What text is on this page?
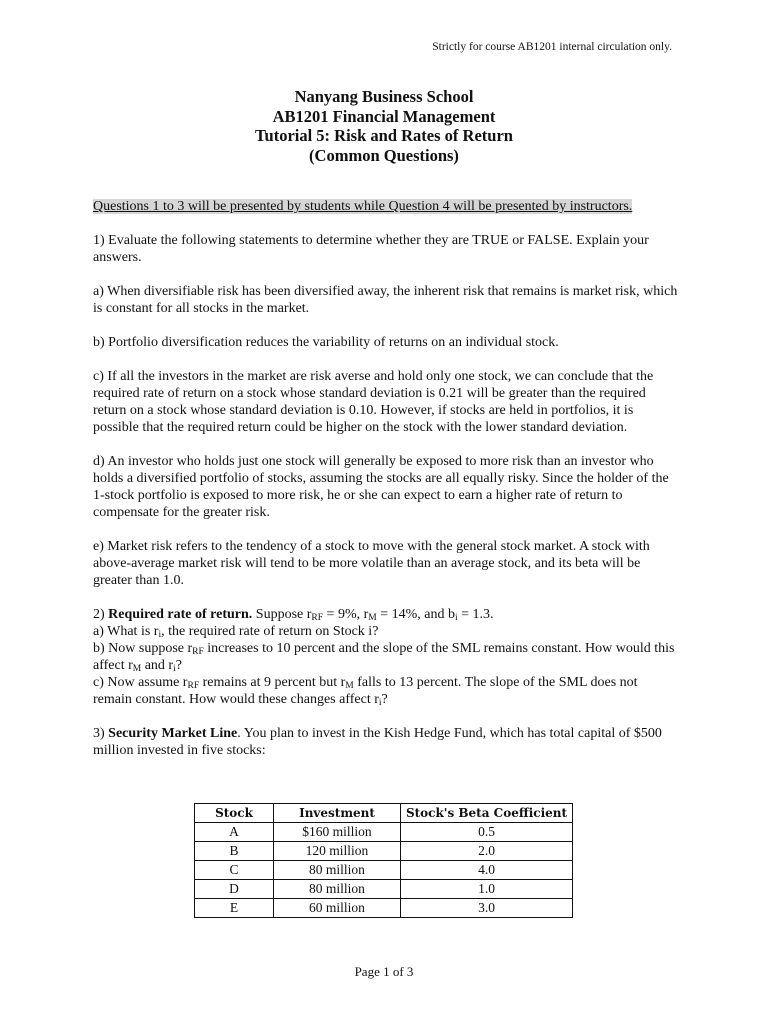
Strictly for course AB1201 internal circulation only.
Nanyang Business School
AB1201 Financial Management
Tutorial 5: Risk and Rates of Return
(Common Questions)

Questions 1 to 3 will be presented by students while Question 4 will be presented by instructors.

1) Evaluate the following statements to determine whether they are TRUE or FALSE. Explain your answers.

a) When diversifiable risk has been diversified away, the inherent risk that remains is market risk, which is constant for all stocks in the market.

b) Portfolio diversification reduces the variability of returns on an individual stock.

c) If all the investors in the market are risk averse and hold only one stock, we can conclude that the required rate of return on a stock whose standard deviation is 0.21 will be greater than the required return on a stock whose standard deviation is 0.10. However, if stocks are held in portfolios, it is possible that the required return could be higher on the stock with the lower standard deviation.

d) An investor who holds just one stock will generally be exposed to more risk than an investor who holds a diversified portfolio of stocks, assuming the stocks are all equally risky. Since the holder of the 1-stock portfolio is exposed to more risk, he or she can expect to earn a higher rate of return to compensate for the greater risk.

e) Market risk refers to the tendency of a stock to move with the general stock market. A stock with above-average market risk will tend to be more volatile than an average stock, and its beta will be greater than 1.0.

2) Required rate of return. Suppose $r_{RF} = 9\%$, $r_M = 14\%$, and $b_i = 1.3$.
a) What is $r_i$, the required rate of return on Stock i?
b) Now suppose $r_{RF}$ increases to 10 percent and the slope of the SML remains constant. How would this affect $r_M$ and $r_i$?
c) Now assume $r_{RF}$ remains at 9 percent but $r_M$ falls to 13 percent. The slope of the SML does not remain constant. How would these changes affect $r_i$?

3) Security Market Line. You plan to invest in the Kish Hedge Fund, which has total capital of $500 million invested in five stocks:

Stock	Investment	Stock's Beta Coefficient
A	$160 million	0.5
B	120 million	2.0
C	80 million	4.0
D	80 million	1.0
E	60 million	3.0
Page 1 of 3
